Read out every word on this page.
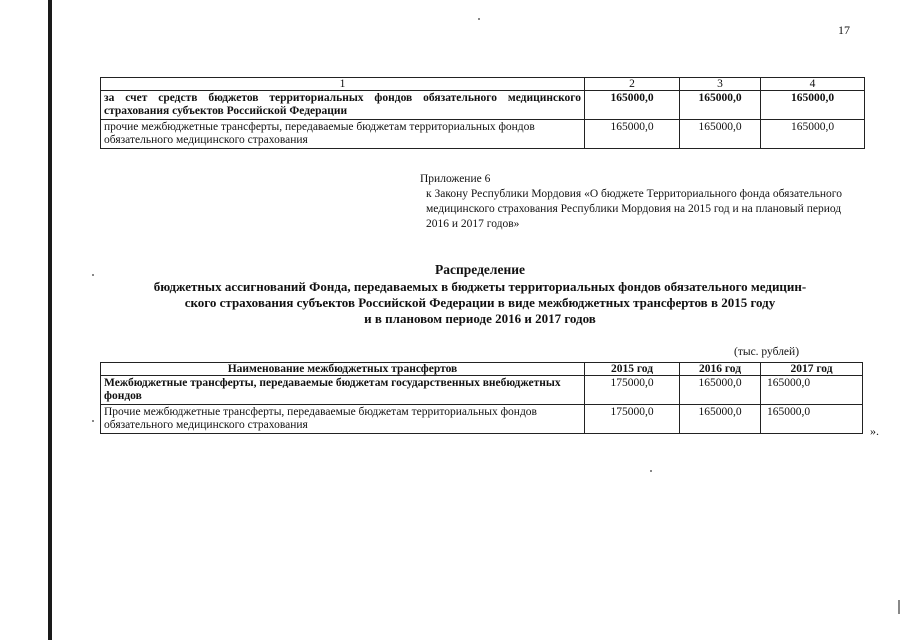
17
1	2	3	4
за счет средств бюджетов территориальных фондов обязательного медицинского страхования субъектов Российской Федерации	165000,0	165000,0	165000,0
прочие межбюджетные трансферты, передаваемые бюджетам территориальных фондов обязательного медицинского страхования	165000,0	165000,0	165000,0
Приложение 6
к Закону Республики Мордовия «О бюджете Территориального фонда обязательного медицинского страхования Республики Мордовия на 2015 год и на плановый период 2016 и 2017 годов»
Распределение
бюджетных ассигнований Фонда, передаваемых в бюджеты территориальных фондов обязательного медицин-
ского страхования субъектов Российской Федерации в виде межбюджетных трансфертов в 2015 году
и в плановом периоде 2016 и 2017 годов
(тыс. рублей)
Наименование межбюджетных трансфертов	2015 год	2016 год	2017 год
Межбюджетные трансферты, передаваемые бюджетам государственных внебюджетных фондов	175000,0	165000,0	165000,0
Прочие межбюджетные трансферты, передаваемые бюджетам территориальных фондов обязательного медицинского страхования	175000,0	165000,0	165000,0
».
